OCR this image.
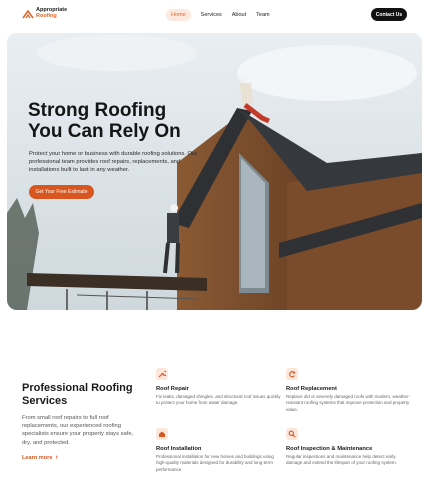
Appropriate
Roofing	Home	Services About Team	Contact Us
Strong Roofing
You Can Rely On
Protect your home or business with durable roofing solutions. Our professional team provides roof repairs, replacements, and installations built to last in any weather.
Get Your Free Estimate
Professional Roofing Services
From small roof repairs to full roof replacements, our experienced roofing specialists ensure your property stays safe, dry, and protected.
Learn more ›
Roof Repair
Fix leaks, damaged shingles, and structural roof issues quickly to protect your home from water damage.
Roof Replacement
Replace old or severely damaged roofs with modern, weather-resistant roofing systems that improve protection and property value.
Roof Installation
Professional installation for new homes and buildings using high-quality materials designed for durability and long-term performance.
Roof Inspection & Maintenance
Regular inspections and maintenance help detect early damage and extend the lifespan of your roofing system.
